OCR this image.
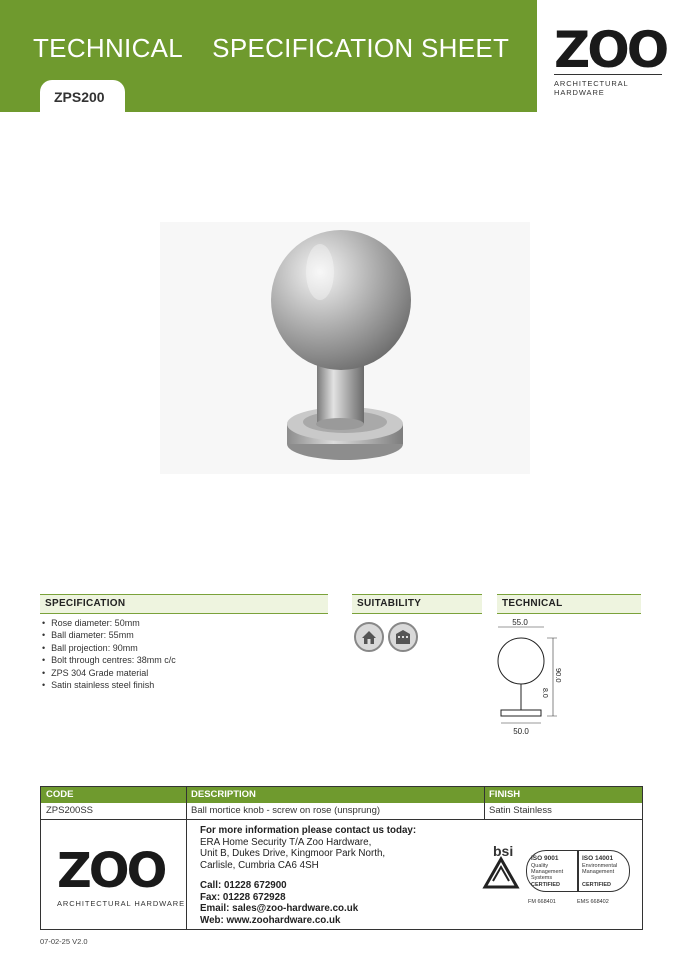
TECHNICAL    SPECIFICATION SHEET
ZPS200
ZOO
ARCHITECTURAL HARDWARE
SPECIFICATION	SUITABILITY	TECHNICAL
• Rose diameter: 50mm
• Ball diameter: 55mm
• Ball projection: 90mm
• Bolt through centres: 38mm c/c
• ZPS 304 Grade material
• Satin stainless steel finish
55.0
90.0
8.0
50.0
CODE	DESCRIPTION	FINISH
ZPS200SS	Ball mortice knob - screw on rose (unsprung)	Satin Stainless
ZOO
ARCHITECTURAL HARDWARE
For more information please contact us today:
ERA Home Security T/A Zoo Hardware,
Unit B, Dukes Drive, Kingmoor Park North,
Carlisle, Cumbria CA6 4SH
Call: 01228 672900
Fax: 01228 672928
Email: sales@zoo-hardware.co.uk
Web: www.zoohardware.co.uk
bsi	ISO 9001
Quality Management Systems
CERTIFIED
ISO 14001
Environmental Management
CERTIFIED
FM 668401	EMS 668402
07-02-25 V2.0
